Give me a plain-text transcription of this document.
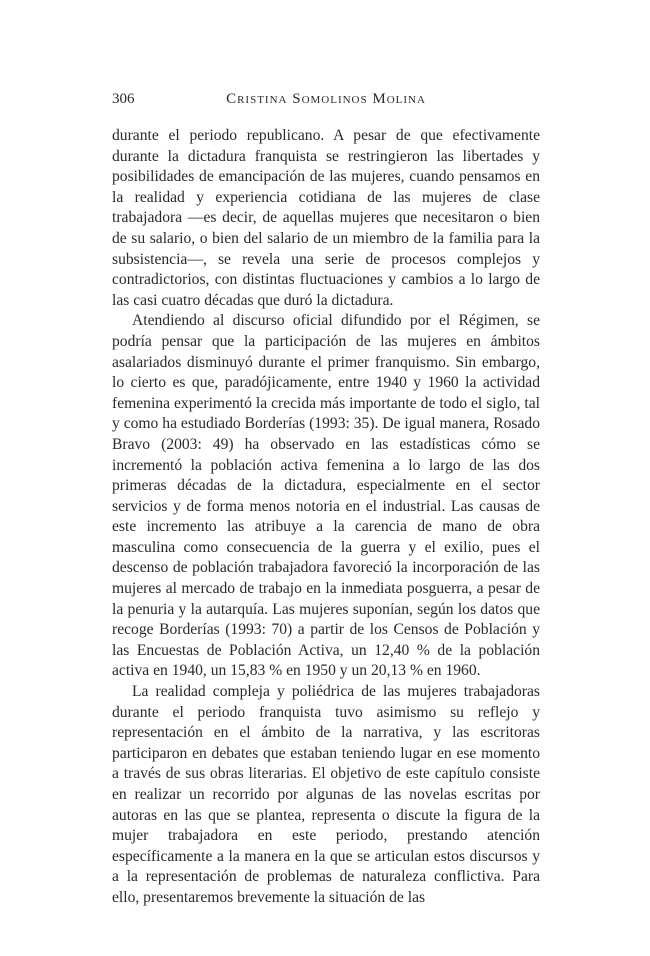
306	Cristina Somolinos Molina

durante el periodo republicano. A pesar de que efectivamente durante la dictadura franquista se restringieron las libertades y posibilidades de emancipación de las mujeres, cuando pensamos en la realidad y experiencia cotidiana de las mujeres de clase trabajadora —es decir, de aquellas mujeres que necesitaron o bien de su salario, o bien del salario de un miembro de la familia para la subsistencia—, se revela una serie de procesos complejos y contradictorios, con distintas fluctuaciones y cambios a lo largo de las casi cuatro décadas que duró la dictadura.

Atendiendo al discurso oficial difundido por el Régimen, se podría pensar que la participación de las mujeres en ámbitos asalariados disminuyó durante el primer franquismo. Sin embargo, lo cierto es que, paradójicamente, entre 1940 y 1960 la actividad femenina experimentó la crecida más importante de todo el siglo, tal y como ha estudiado Borderías (1993: 35). De igual manera, Rosado Bravo (2003: 49) ha observado en las estadísticas cómo se incrementó la población activa femenina a lo largo de las dos primeras décadas de la dictadura, especialmente en el sector servicios y de forma menos notoria en el industrial. Las causas de este incremento las atribuye a la carencia de mano de obra masculina como consecuencia de la guerra y el exilio, pues el descenso de población trabajadora favoreció la incorporación de las mujeres al mercado de trabajo en la inmediata posguerra, a pesar de la penuria y la autarquía. Las mujeres suponían, según los datos que recoge Borderías (1993: 70) a partir de los Censos de Población y las Encuestas de Población Activa, un 12,40 % de la población activa en 1940, un 15,83 % en 1950 y un 20,13 % en 1960.

La realidad compleja y poliédrica de las mujeres trabajadoras durante el periodo franquista tuvo asimismo su reflejo y representación en el ámbito de la narrativa, y las escritoras participaron en debates que estaban teniendo lugar en ese momento a través de sus obras literarias. El objetivo de este capítulo consiste en realizar un recorrido por algunas de las novelas escritas por autoras en las que se plantea, representa o discute la figura de la mujer trabajadora en este periodo, prestando atención específicamente a la manera en la que se articulan estos discursos y a la representación de problemas de naturaleza conflictiva. Para ello, presentaremos brevemente la situación de las
